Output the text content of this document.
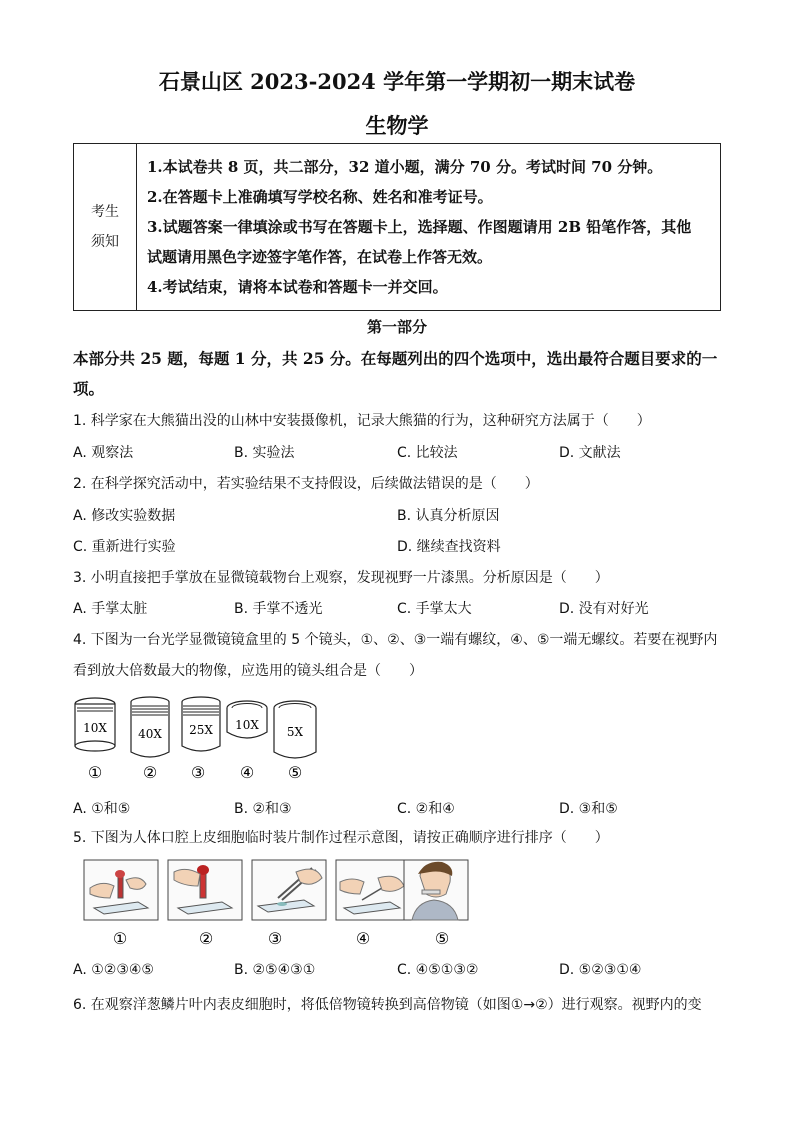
石景山区 2023-2024 学年第一学期初一期末试卷
生物学
考生
须知

1.本试卷共 8 页，共二部分，32 道小题，满分 70 分。考试时间 70 分钟。
2.在答题卡上准确填写学校名称、姓名和准考证号。
3.试题答案一律填涂或书写在答题卡上，选择题、作图题请用 2B 铅笔作答，其他
试题请用黑色字迹签字笔作答，在试卷上作答无效。
4.考试结束，请将本试卷和答题卡一并交回。
第一部分
本部分共 25 题，每题 1 分，共 25 分。在每题列出的四个选项中，选出最符合题目要求的一
项。
1. 科学家在大熊猫出没的山林中安装摄像机，记录大熊猫的行为，这种研究方法属于（　　）
A. 观察法	B. 实验法	C. 比较法	D. 文献法
2. 在科学探究活动中，若实验结果不支持假设，后续做法错误的是（　　）
A. 修改实验数据	B. 认真分析原因
C. 重新进行实验	D. 继续查找资料
3. 小明直接把手掌放在显微镜载物台上观察，发现视野一片漆黑。分析原因是（　　）
A. 手掌太脏	B. 手掌不透光	C. 手掌太大	D. 没有对好光
4. 下图为一台光学显微镜镜盒里的 5 个镜头，①、②、③一端有螺纹，④、⑤一端无螺纹。若要在视野内
看到放大倍数最大的物像，应选用的镜头组合是（　　）
10X	40X 25X 10X 5X
①	② ③ ④ ⑤
A. ①和⑤	B. ②和③	C. ②和④	D. ③和⑤
5. 下图为人体口腔上皮细胞临时装片制作过程示意图，请按正确顺序进行排序（　　）
①	②	③	④	⑤
A. ①②③④⑤	B. ②⑤④③①	C. ④⑤①③②	D. ⑤②③①④
6. 在观察洋葱鳞片叶内表皮细胞时，将低倍物镜转换到高倍物镜（如图①→②）进行观察。视野内的变
